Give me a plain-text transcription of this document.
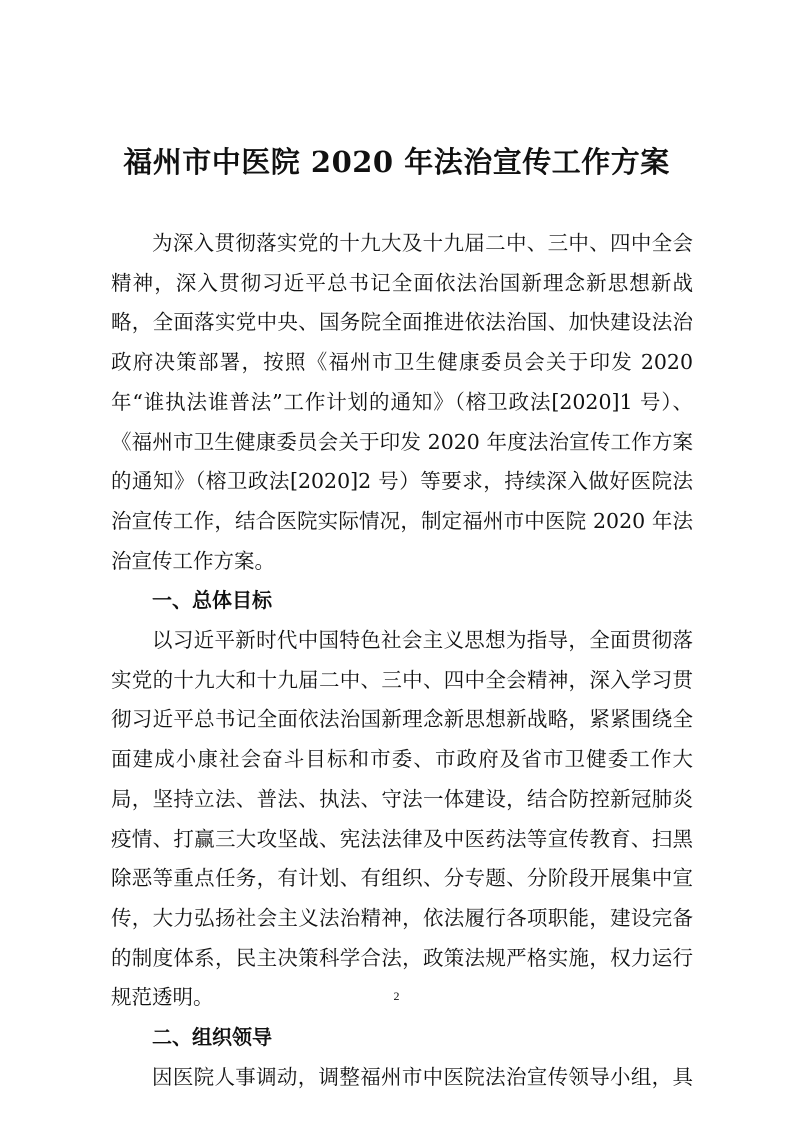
福州市中医院 2020 年法治宣传工作方案

为深入贯彻落实党的十九大及十九届二中、三中、四中全会精神，深入贯彻习近平总书记全面依法治国新理念新思想新战略，全面落实党中央、国务院全面推进依法治国、加快建设法治政府决策部署，按照《福州市卫生健康委员会关于印发 2020 年“谁执法谁普法”工作计划的通知》（榕卫政法[2020]1 号）、《福州市卫生健康委员会关于印发 2020 年度法治宣传工作方案的通知》（榕卫政法[2020]2 号）等要求，持续深入做好医院法治宣传工作，结合医院实际情况，制定福州市中医院 2020 年法治宣传工作方案。

一、总体目标

以习近平新时代中国特色社会主义思想为指导，全面贯彻落实党的十九大和十九届二中、三中、四中全会精神，深入学习贯彻习近平总书记全面依法治国新理念新思想新战略，紧紧围绕全面建成小康社会奋斗目标和市委、市政府及省市卫健委工作大局，坚持立法、普法、执法、守法一体建设，结合防控新冠肺炎疫情、打赢三大攻坚战、宪法法律及中医药法等宣传教育、扫黑除恶等重点任务，有计划、有组织、分专题、分阶段开展集中宣传，大力弘扬社会主义法治精神，依法履行各项职能，建设完备的制度体系，民主决策科学合法，政策法规严格实施，权力运行规范透明。

二、组织领导

因医院人事调动，调整福州市中医院法治宣传领导小组，具

2
